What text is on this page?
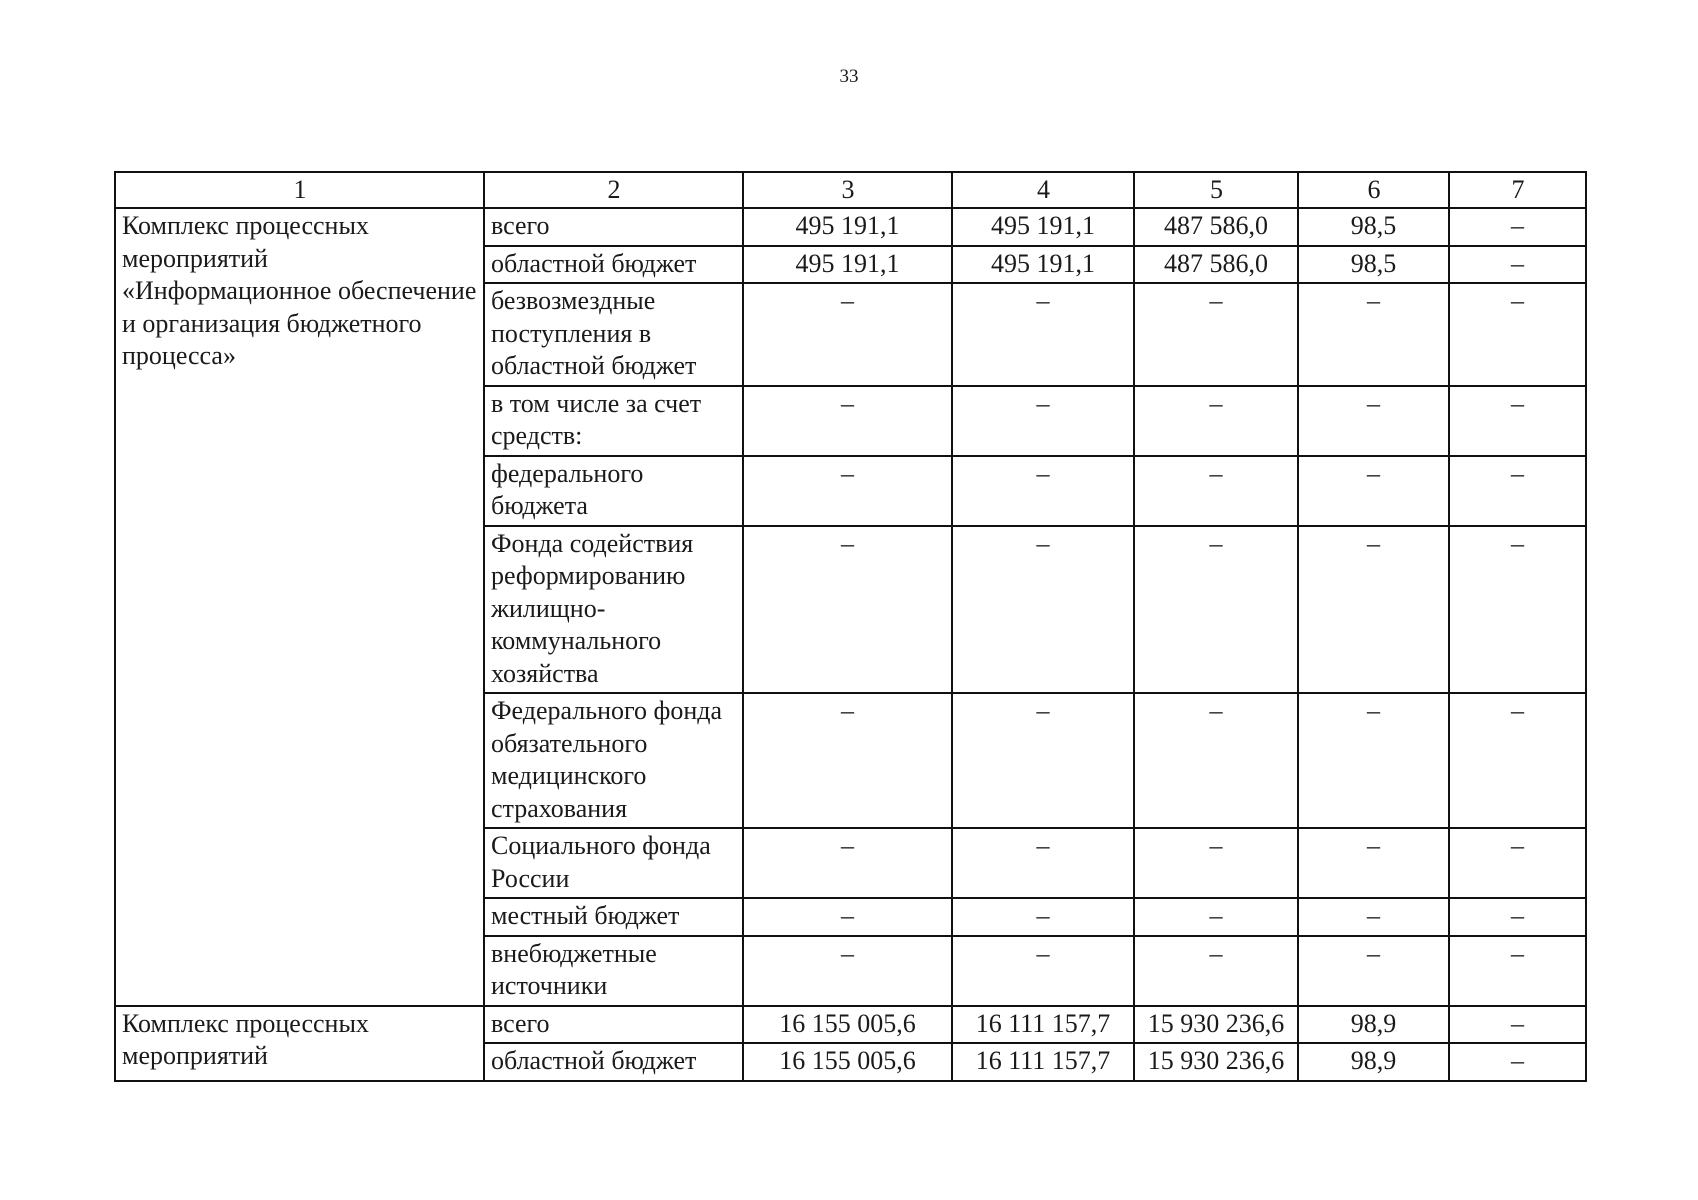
33
1	2	3	4	5	6	7
Комплекс процессных мероприятий «Информационное обеспечение и организация бюджетного процесса»	всего	495 191,1	495 191,1	487 586,0	98,5	–
	областной бюджет	495 191,1	495 191,1	487 586,0	98,5	–
	безвозмездные поступления в областной бюджет	–	–	–	–	–
	в том числе за счет средств:	–	–	–	–	–
	федерального бюджета	–	–	–	–	–
	Фонда содействия реформированию жилищно-коммунального хозяйства	–	–	–	–	–
	Федерального фонда обязательного медицинского страхования	–	–	–	–	–
	Социального фонда России	–	–	–	–	–
	местный бюджет	–	–	–	–	–
	внебюджетные источники	–	–	–	–	–
Комплекс процессных мероприятий	всего	16 155 005,6	16 111 157,7	15 930 236,6	98,9	–
	областной бюджет	16 155 005,6	16 111 157,7	15 930 236,6	98,9	–
